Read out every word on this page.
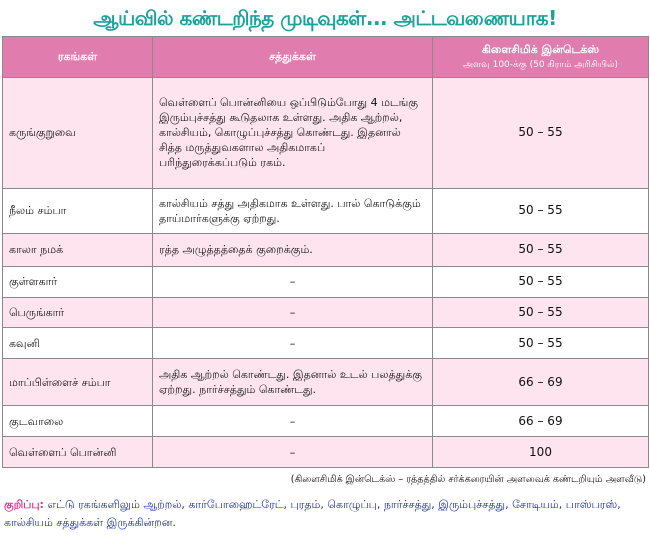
ஆய்வில் கண்டறிந்த முடிவுகள்... அட்டவணையாக!
ரகங்கள்	சத்துக்கள்	கிளைசிமிக் இன்டெக்ஸ்
அளவு 100-க்கு (50 கிராம் அரிசியில்)

கருங்குறுவை	வெள்ளைப் பொன்னியை ஒப்பிடும்போது 4 மடங்கு இரும்புச்சத்து கூடுதலாக உள்ளது. அதிக ஆற்றல், கால்சியம், கொழுப்புச்சத்து கொண்டது. இதனால் சித்த மருத்துவகளால அதிகமாகப் பரிந்துரைக்கப்படும் ரகம்.	50 – 55
நீலம் சம்பா	கால்சியம் சத்து அதிகமாக உள்ளது. பால் கொடுக்கும் தாய்மார்களுக்கு ஏற்றது.	50 – 55
காலா நமக்	ரத்த அழுத்தத்தைக் குறைக்கும்.	50 – 55
குள்ளகார்	–	50 – 55
பெருங்கார்	–	50 – 55
கவுனி	–	50 – 55
மாப்பிள்ளைச் சம்பா	அதிக ஆற்றல் கொண்டது. இதனால் உடல் பலத்துக்கு ஏற்றது. நார்ச்சத்தும் கொண்டது.	66 – 69
குடவாலை	–	66 – 69
வெள்ளைப் பொன்னி	–	100
(கிளைசிமிக் இன்டெக்ஸ் – ரத்தத்தில் சர்க்கரையின் அளவைக் கண்டறியும் அளவீடு)
குறிப்பு: எட்டு ரகங்களிலும் ஆற்றல், கார்போஹைட்ரேட், புரதம், கொழுப்பு, நார்ச்சத்து, இரும்புச்சத்து, சோடியம், பாஸ்பரஸ், கால்சியம் சத்துக்கள் இருக்கின்றன.
